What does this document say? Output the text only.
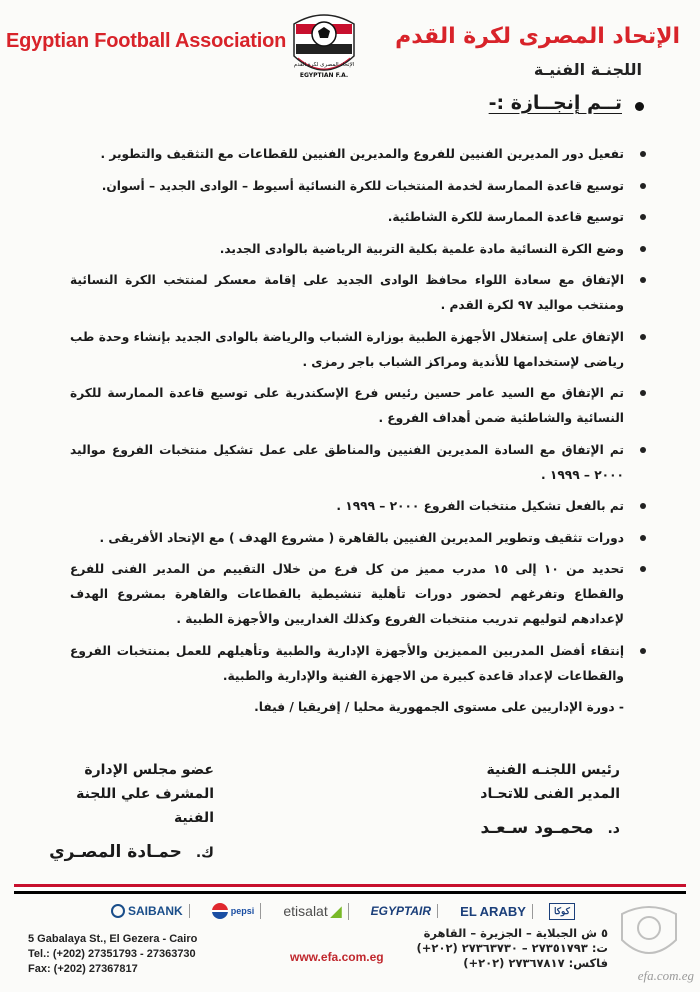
Egyptian Football Association
الإتحاد المصرى لكرة القدم
EGYPTIAN F.A.
الإتحاد المصرى لكرة القدم
اللجنـة الفنيـة
تــم إنجــازة :-
تفعيل دور المديرين الفنيين للفروع والمديرين الفنيين للقطاعات مع التثقيف والتطوير .
توسيع قاعدة الممارسة لخدمة المنتخبات للكرة النسائية أسيوط – الوادى الجديد – أسوان.
توسيع قاعدة الممارسة للكرة الشاطئية.
وضع الكرة النسائية مادة علمية بكلية التربية الرياضية بالوادى الجديد.
الإتفاق مع سعادة اللواء محافظ الوادى الجديد على إقامة معسكر لمنتخب الكرة النسائية ومنتخب مواليد ٩٧ لكرة القدم .
الإتفاق على إستغلال الأجهزة الطبية بوزارة الشباب والرياضة بالوادى الجديد بإنشاء وحدة طب رياضى لإستخدامها للأندية ومراكز الشباب باجر رمزى .
تم الإتفاق مع السيد عامر حسين رئيس فرع الإسكندرية على توسيع قاعدة الممارسة للكرة النسائية والشاطئية ضمن أهداف الفروع .
تم الإتفاق مع السادة المديرين الفنيين والمناطق على عمل تشكيل منتخبات الفروع مواليد ٢٠٠٠ – ١٩٩٩ .
تم بالفعل تشكيل منتخبات الفروع ٢٠٠٠ – ١٩٩٩ .
دورات تثقيف وتطوير المديرين الفنيين بالقاهرة ( مشروع الهدف ) مع الإتحاد الأفريقى .
تحديد من ١٠ إلى ١٥ مدرب مميز من كل فرع من خلال التقييم من المدير الفنى للفرع والقطاع وتفرغهم لحضور دورات تأهلية تنشيطية بالقطاعات والقاهرة بمشروع الهدف لإعدادهم لتوليهم تدريب منتخبات الفروع وكذلك الغداريين والأجهزة الطبية .
إنتقاء أفضل المدربين المميزين والأجهزة الإدارية والطبية وتأهيلهم للعمل بمنتخبات الفروع والقطاعات لإعداد قاعدة كبيرة من الاجهزة الفنية والإدارية والطبية.
- دورة الإداريين على مستوى الجمهورية محليا / إفريقيا / فيفا.
رئيس اللجنـه الفنية
المدير الفنى للاتحـاد
د. محمـود سـعـد
عضو مجلس الإدارة
المشرف علي اللجنة الفنية
ك. حمـادة المصـري
SAIBANK	pepsi etisalat ◢ EGYPTAIR EL ARABY	كوكا
5 Gabalaya St., El Gezera - Cairo
Tel.: (+202) 27351793 - 27363730
Fax: (+202) 27367817
www.efa.com.eg
٥ ش الجبلاية – الجزيرة – القاهرة
ت: ٢٧٣٥١٧٩٣ – ٢٧٣٦٣٧٣٠ (٢٠٢+)
فاكس: ٢٧٣٦٧٨١٧ (٢٠٢+)
efa.com.eg
